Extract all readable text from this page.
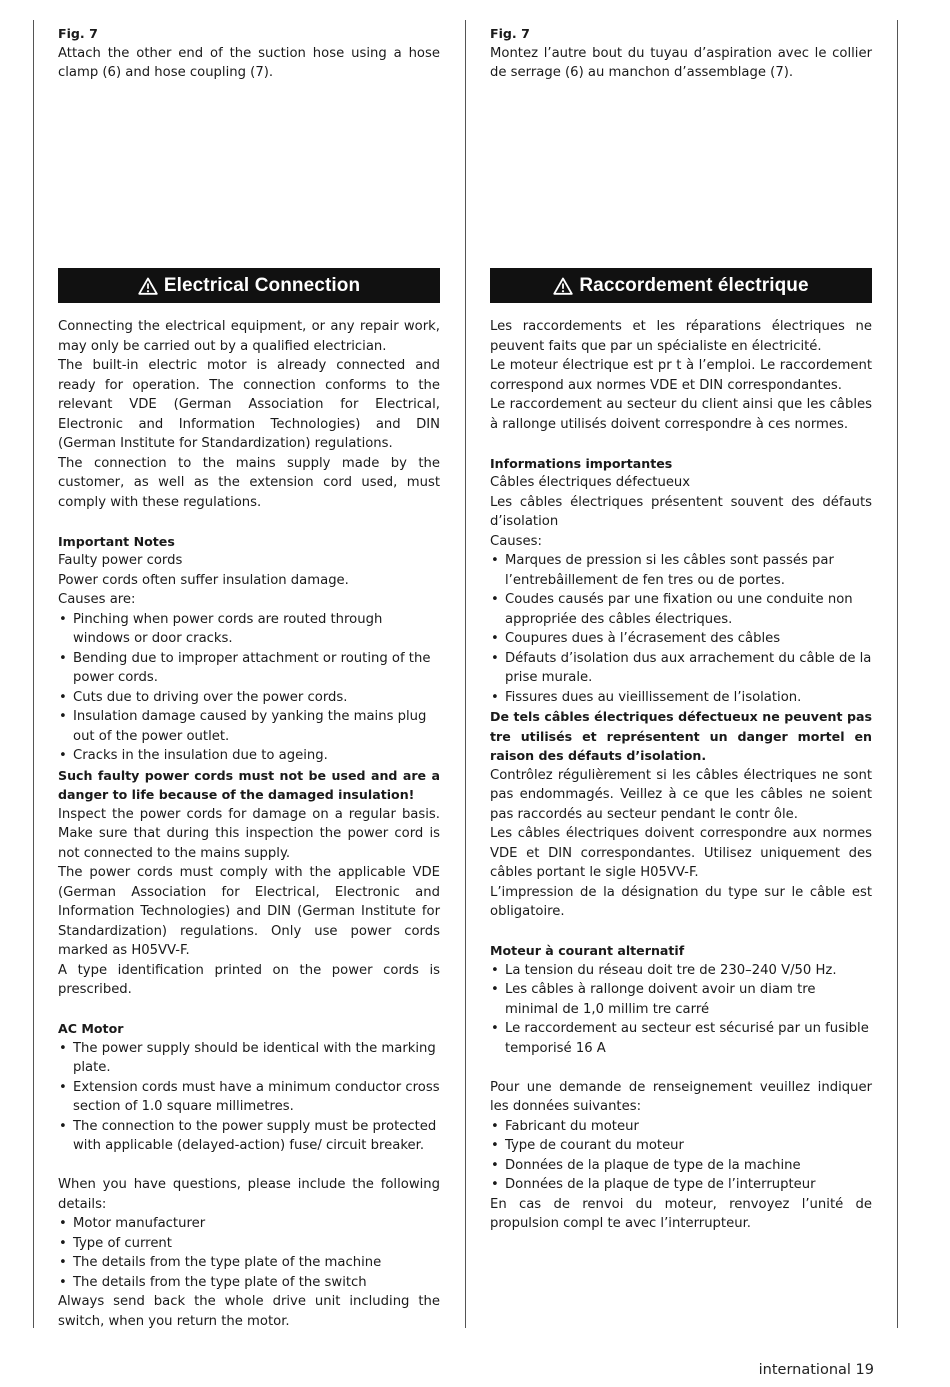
Fig. 7

Attach the other end of the suction hose using a hose clamp (6) and hose coupling (7).

Fig. 7

Montez l’autre bout du tuyau d’aspiration avec le collier de serrage (6) au manchon d’assemblage (7).

Electrical Connection	Raccordement électrique

Connecting the electrical equipment, or any repair work, may only be carried out by a qualified electrician.

The built-in electric motor is already connected and ready for operation. The connection conforms to the relevant VDE (German Association for Electrical, Electronic and Information Technologies) and DIN (German Institute for Standardization) regulations.

The connection to the mains supply made by the customer, as well as the extension cord used, must comply with these regulations.

Important Notes

Faulty power cords

Power cords often suffer insulation damage.

Causes are:

• Pinching when power cords are routed through windows or door cracks.
• Bending due to improper attachment or routing of the power cords.
• Cuts due to driving over the power cords.
• Insulation damage caused by yanking the mains plug out of the power outlet.
• Cracks in the insulation due to ageing.

Such faulty power cords must not be used and are a danger to life because of the damaged insulation!

Inspect the power cords for damage on a regular basis. Make sure that during this inspection the power cord is not connected to the mains supply.

The power cords must comply with the applicable VDE (German Association for Electrical, Electronic and Information Technologies) and DIN (German Institute for Standardization) regulations. Only use power cords marked as H05VV-F.

A type identification printed on the power cords is prescribed.

AC Motor

• The power supply should be identical with the marking plate.
• Extension cords must have a minimum conductor cross section of 1.0 square millimetres.
• The connection to the power supply must be protected with applicable (delayed-action) fuse/ circuit breaker.

When you have questions, please include the following details:

• Motor manufacturer
• Type of current
• The details from the type plate of the machine
• The details from the type plate of the switch

Always send back the whole drive unit including the switch, when you return the motor.

Les raccordements et les réparations électriques ne peuvent faits que par un spécialiste en électricité.

Le moteur électrique est pr t à l’emploi. Le raccordement correspond aux normes VDE et DIN correspondantes.

Le raccordement au secteur du client ainsi que les câbles à rallonge utilisés doivent correspondre à ces normes.

Informations importantes

Câbles électriques défectueux

Les câbles électriques présentent souvent des défauts d’isolation

Causes:

• Marques de pression si les câbles sont passés par l’entrebâillement de fen tres ou de portes.
• Coudes causés par une fixation ou une conduite non appropriée des câbles électriques.
• Coupures dues à l’écrasement des câbles
• Défauts d’isolation dus aux arrachement du câble de la prise murale.
• Fissures dues au vieillissement de l’isolation.

De tels câbles électriques défectueux ne peuvent pas tre utilisés et représentent un danger mortel en raison des défauts d’isolation.

Contrôlez régulièrement si les câbles électriques ne sont pas endommagés. Veillez à ce que les câbles ne soient pas raccordés au secteur pendant le contr ôle.

Les câbles électriques doivent correspondre aux normes VDE et DIN correspondantes. Utilisez uniquement des câbles portant le sigle H05VV-F.

L’impression de la désignation du type sur le câble est obligatoire.

Moteur à courant alternatif

• La tension du réseau doit tre de 230–240 V/50 Hz.
• Les câbles à rallonge doivent avoir un diam tre minimal de 1,0 millim tre carré
• Le raccordement au secteur est sécurisé par un fusible temporisé 16 A

Pour une demande de renseignement veuillez indiquer les données suivantes:

• Fabricant du moteur
• Type de courant du moteur
• Données de la plaque de type de la machine
• Données de la plaque de type de l’interrupteur

En cas de renvoi du moteur, renvoyez l’unité de propulsion compl te avec l’interrupteur.

international 19
